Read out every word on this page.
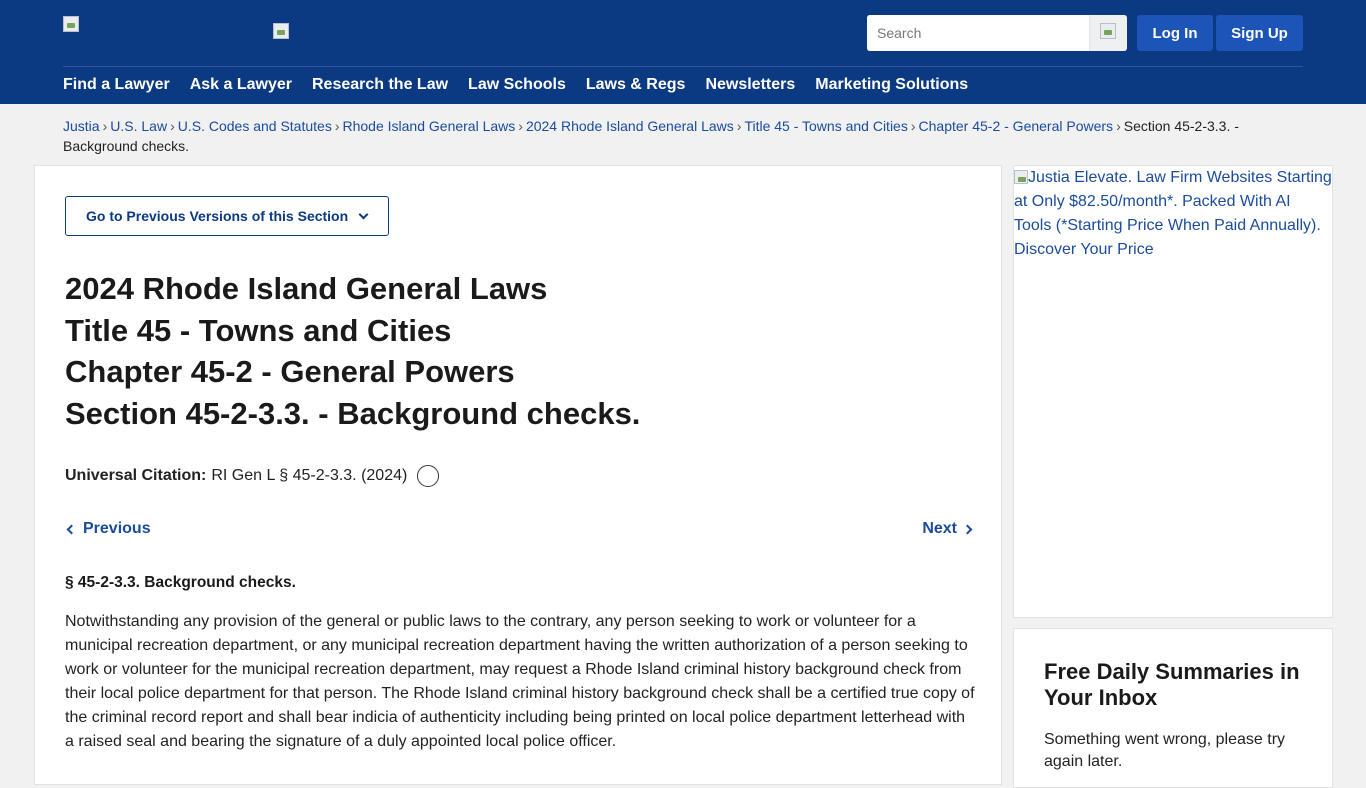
Search
Log In	Sign Up
Find a Lawyer Ask a Lawyer Research the Law Law Schools Laws & Regs Newsletters Marketing Solutions
Justia › U.S. Law › U.S. Codes and Statutes › Rhode Island General Laws › 2024 Rhode Island General Laws › Title 45 - Towns and Cities › Chapter 45-2 - General Powers › Section 45-2-3.3. - Background checks.
Go to Previous Versions of this Section
2024 Rhode Island General Laws
Title 45 - Towns and Cities
Chapter 45-2 - General Powers
Section 45-2-3.3. - Background checks.
Universal Citation: RI Gen L § 45-2-3.3. (2024)
Previous	Next
§ 45-2-3.3. Background checks.

Notwithstanding any provision of the general or public laws to the contrary, any person seeking to work or volunteer for a municipal recreation department, or any municipal recreation department having the written authorization of a person seeking to work or volunteer for the municipal recreation department, may request a Rhode Island criminal history background check from their local police department for that person. The Rhode Island criminal history background check shall be a certified true copy of the criminal record report and shall bear indicia of authenticity including being printed on local police department letterhead with a raised seal and bearing the signature of a duly appointed local police officer.

Justia Elevate. Law Firm Websites Starting at Only $82.50/month*. Packed With AI Tools (*Starting Price When Paid Annually). Discover Your Price
Free Daily Summaries in Your Inbox
Something went wrong, please try again later.
